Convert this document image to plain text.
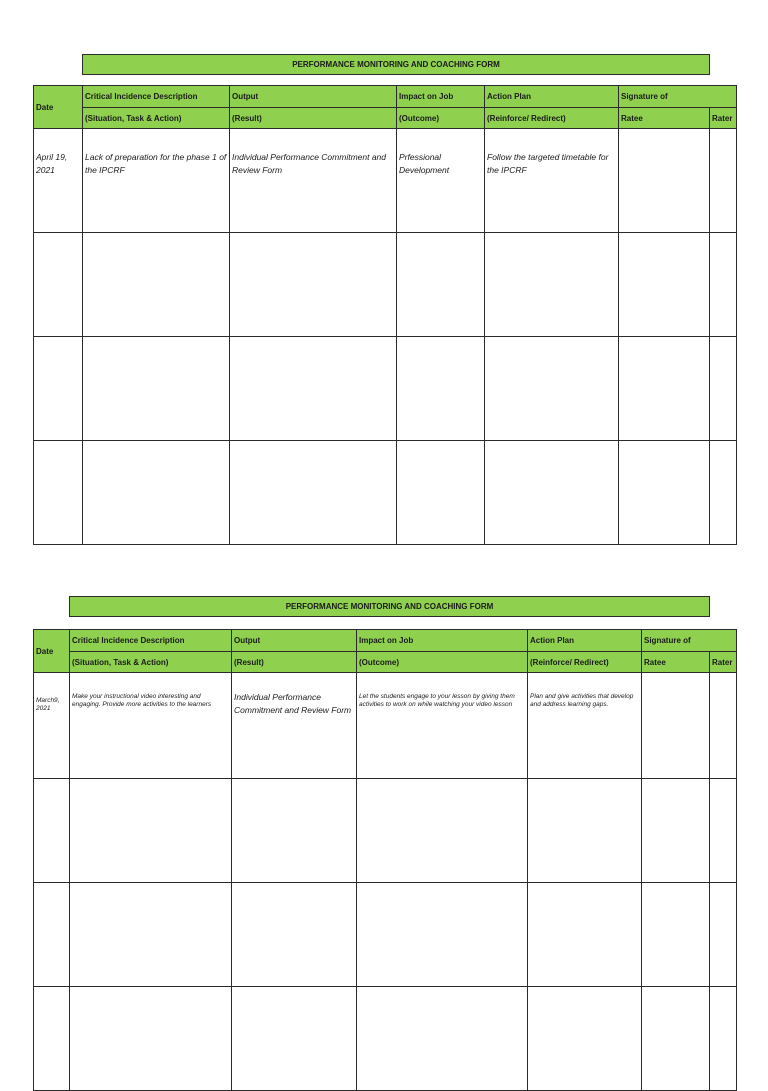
PERFORMANCE MONITORING AND COACHING FORM
Date	Critical Incidence Description	Output	Impact on Job	Action Plan	Signature of	
	(Situation, Task & Action)	(Result)	(Outcome)	(Reinforce/ Redirect)	Ratee	Rater
April 19, 2021	Lack of preparation for the phase 1 of the IPCRF	Individual Performance Commitment and Review Form	Prfessional Development	Follow the targeted timetable for the IPCRF		

PERFORMANCE MONITORING AND COACHING FORM
Date	Critical Incidence Description	Output	Impact on Job	Action Plan	Signature of	
	(Situation, Task & Action)	(Result)	(Outcome)	(Reinforce/ Redirect)	Ratee	Rater
March9, 2021	Make your instructional video interesting and engaging. Provide more activities to the learners	Individual Performance Commitment and Review Form	Let the students engage to your lesson by giving them activities to work on while watching your video lesson	Plan and give activities that develop and address learning gaps.		
